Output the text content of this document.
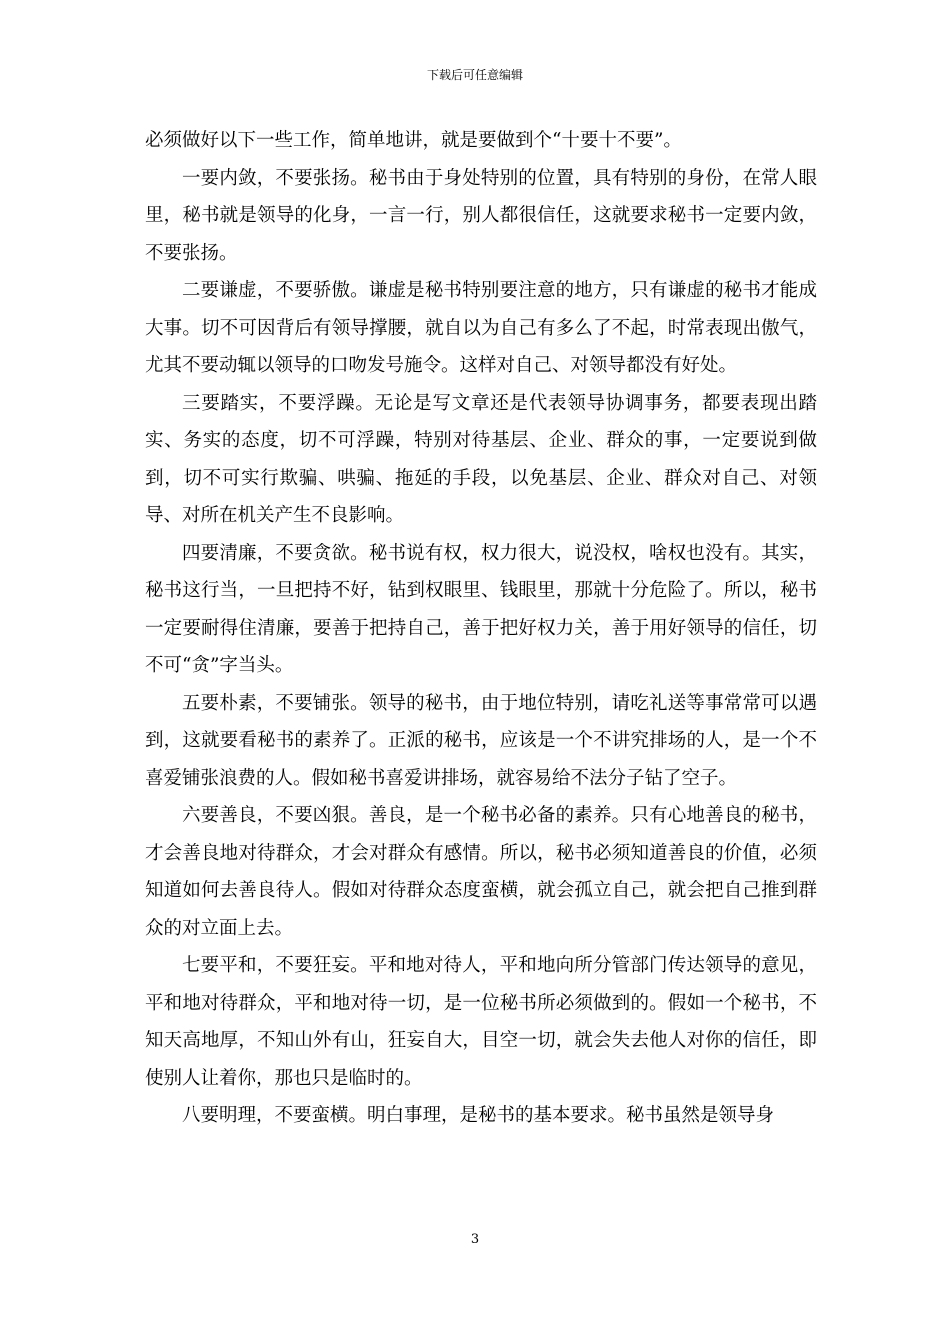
下载后可任意编辑

必须做好以下一些工作，简单地讲，就是要做到个“十要十不要”。

一要内敛，不要张扬。秘书由于身处特别的位置，具有特别的身份，在常人眼里，秘书就是领导的化身，一言一行，别人都很信任，这就要求秘书一定要内敛，不要张扬。

二要谦虚，不要骄傲。谦虚是秘书特别要注意的地方，只有谦虚的秘书才能成大事。切不可因背后有领导撑腰，就自以为自己有多么了不起，时常表现出傲气，尤其不要动辄以领导的口吻发号施令。这样对自己、对领导都没有好处。

三要踏实，不要浮躁。无论是写文章还是代表领导协调事务，都要表现出踏实、务实的态度，切不可浮躁，特别对待基层、企业、群众的事，一定要说到做到，切不可实行欺骗、哄骗、拖延的手段，以免基层、企业、群众对自己、对领导、对所在机关产生不良影响。

四要清廉，不要贪欲。秘书说有权，权力很大，说没权，啥权也没有。其实，秘书这行当，一旦把持不好，钻到权眼里、钱眼里，那就十分危险了。所以，秘书一定要耐得住清廉，要善于把持自己，善于把好权力关，善于用好领导的信任，切不可“贪”字当头。

五要朴素，不要铺张。领导的秘书，由于地位特别，请吃礼送等事常常可以遇到，这就要看秘书的素养了。正派的秘书，应该是一个不讲究排场的人，是一个不喜爱铺张浪费的人。假如秘书喜爱讲排场，就容易给不法分子钻了空子。

六要善良，不要凶狠。善良，是一个秘书必备的素养。只有心地善良的秘书，才会善良地对待群众，才会对群众有感情。所以，秘书必须知道善良的价值，必须知道如何去善良待人。假如对待群众态度蛮横，就会孤立自己，就会把自己推到群众的对立面上去。

七要平和，不要狂妄。平和地对待人，平和地向所分管部门传达领导的意见，平和地对待群众，平和地对待一切，是一位秘书所必须做到的。假如一个秘书，不知天高地厚，不知山外有山，狂妄自大，目空一切，就会失去他人对你的信任，即使别人让着你，那也只是临时的。

八要明理，不要蛮横。明白事理，是秘书的基本要求。秘书虽然是领导身

3
